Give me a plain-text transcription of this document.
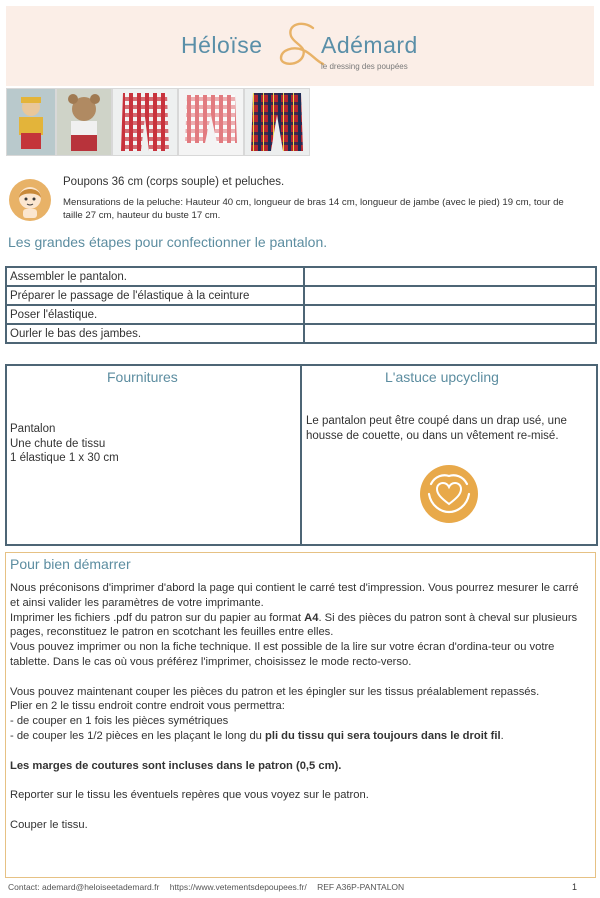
Héloïse	Adémard
le dressing des poupées
Poupons 36 cm (corps souple) et peluches.
Mensurations de la peluche: Hauteur 40 cm, longueur de bras 14 cm, longueur de jambe (avec le pied) 19 cm, tour de taille 27 cm, hauteur du buste 17 cm.
Les grandes étapes pour confectionner le pantalon.
Assembler le pantalon.	
Préparer le passage de l'élastique à la ceinture	
Poser l'élastique.	
Ourler le bas des jambes.	
Fournitures
Pantalon
Une chute de tissu
1 élastique 1 x 30 cm
L'astuce upcycling
Le pantalon peut être coupé dans un drap usé, une housse de couette, ou dans un vêtement re-misé.
Pour bien démarrer

Nous préconisons d'imprimer d'abord la page qui contient le carré test d'impression. Vous pourrez mesurer le carré et ainsi valider les paramètres de votre imprimante.

Imprimer les fichiers .pdf du patron sur du papier au format A4. Si des pièces du patron sont à cheval sur plusieurs pages, reconstituez le patron en scotchant les feuilles entre elles.

Vous pouvez imprimer ou non la fiche technique. Il est possible de la lire sur votre écran d'ordina-teur ou votre tablette. Dans le cas où vous préférez l'imprimer, choisissez le mode recto-verso.

Vous pouvez maintenant couper les pièces du patron et les épingler sur les tissus préalablement repassés.

Plier en 2 le tissu endroit contre endroit vous permettra:

- de couper en 1 fois les pièces symétriques

- de couper les 1/2 pièces en les plaçant le long du pli du tissu qui sera toujours dans le droit fil.

Les marges de coutures sont incluses dans le patron (0,5 cm).

Reporter sur le tissu les éventuels repères que vous voyez sur le patron.

Couper le tissu.

Contact: ademard@heloiseetademard.fr https://www.vetementsdepoupees.fr/ REF A36P-PANTALON	1
